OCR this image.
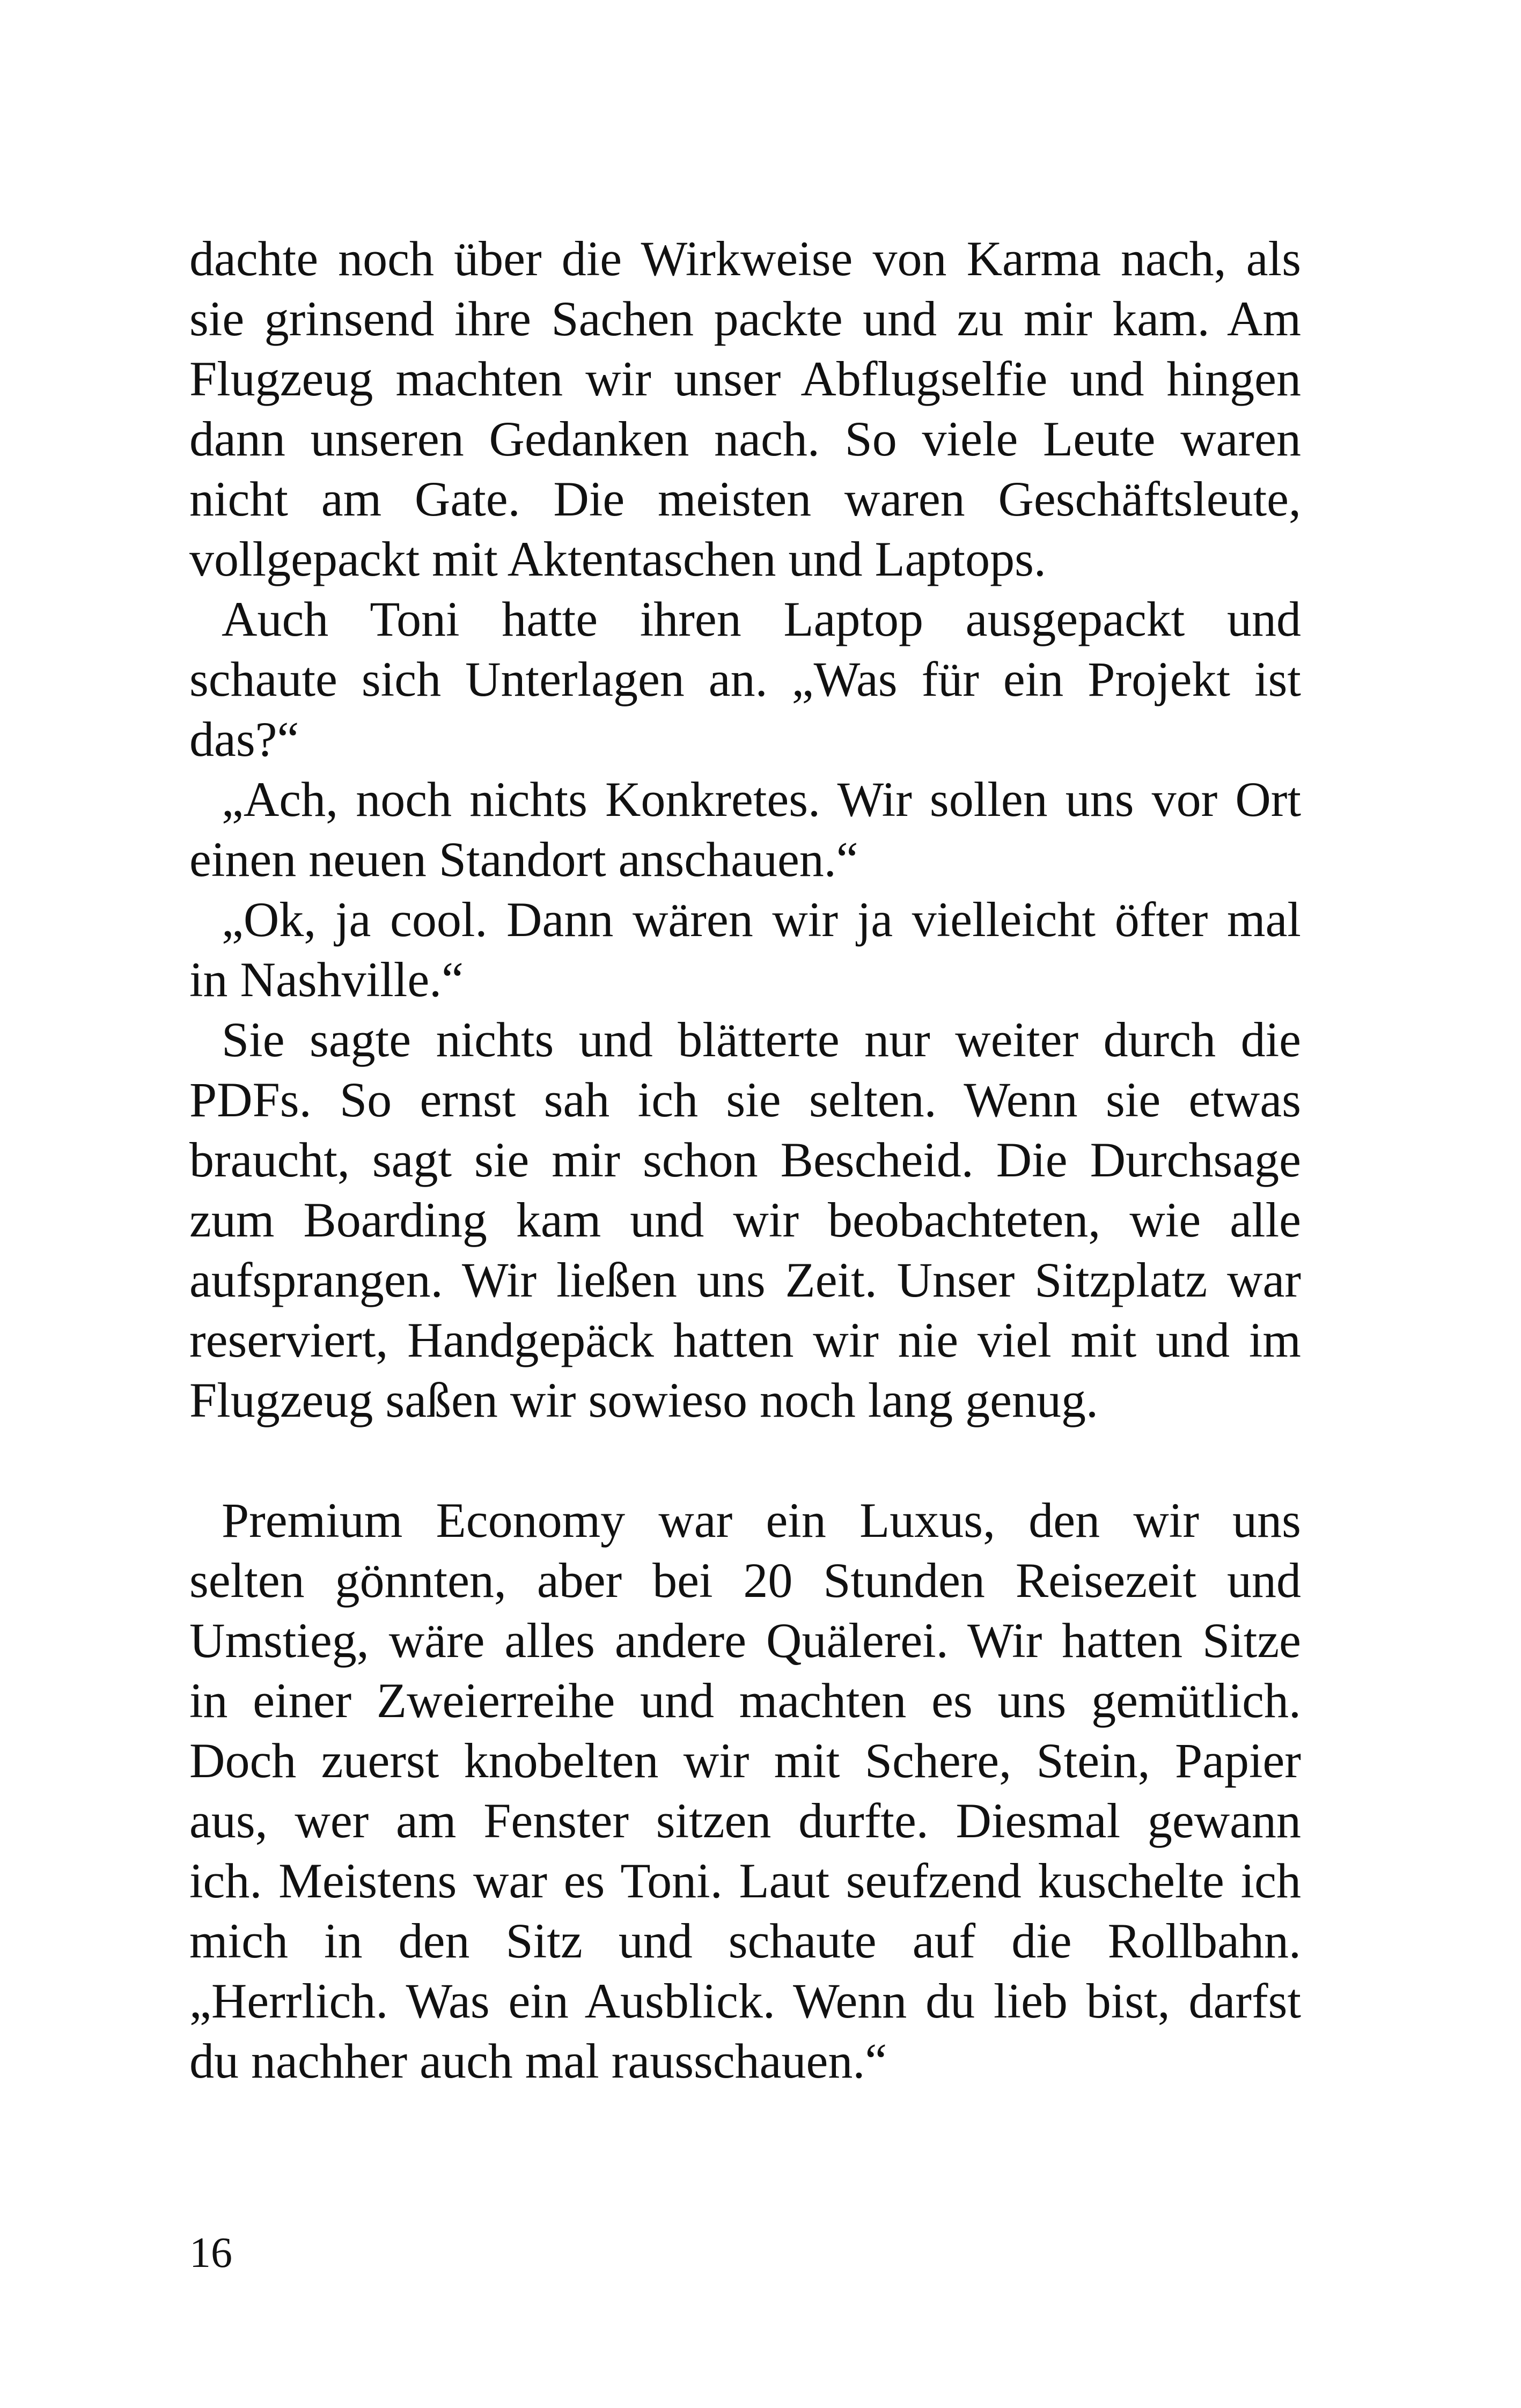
dachte noch über die Wirkweise von Karma nach, als
sie grinsend ihre Sachen packte und zu mir kam. Am
Flugzeug machten wir unser Abflugselfie und hingen
dann unseren Gedanken nach. So viele Leute waren
nicht am Gate. Die meisten waren Geschäftsleute,
vollgepackt mit Aktentaschen und Laptops.
Auch Toni hatte ihren Laptop ausgepackt und
schaute sich Unterlagen an. „Was für ein Projekt ist
das?“
„Ach, noch nichts Konkretes. Wir sollen uns vor Ort
einen neuen Standort anschauen.“
„Ok, ja cool. Dann wären wir ja vielleicht öfter mal
in Nashville.“
Sie sagte nichts und blätterte nur weiter durch die
PDFs. So ernst sah ich sie selten. Wenn sie etwas
braucht, sagt sie mir schon Bescheid. Die Durchsage
zum Boarding kam und wir beobachteten, wie alle
aufsprangen. Wir ließen uns Zeit. Unser Sitzplatz war
reserviert, Handgepäck hatten wir nie viel mit und im
Flugzeug saßen wir sowieso noch lang genug.
Premium Economy war ein Luxus, den wir uns
selten gönnten, aber bei 20 Stunden Reisezeit und
Umstieg, wäre alles andere Quälerei. Wir hatten Sitze
in einer Zweierreihe und machten es uns gemütlich.
Doch zuerst knobelten wir mit Schere, Stein, Papier
aus, wer am Fenster sitzen durfte. Diesmal gewann
ich. Meistens war es Toni. Laut seufzend kuschelte ich
mich in den Sitz und schaute auf die Rollbahn.
„Herrlich. Was ein Ausblick. Wenn du lieb bist, darfst
du nachher auch mal rausschauen.“
16
